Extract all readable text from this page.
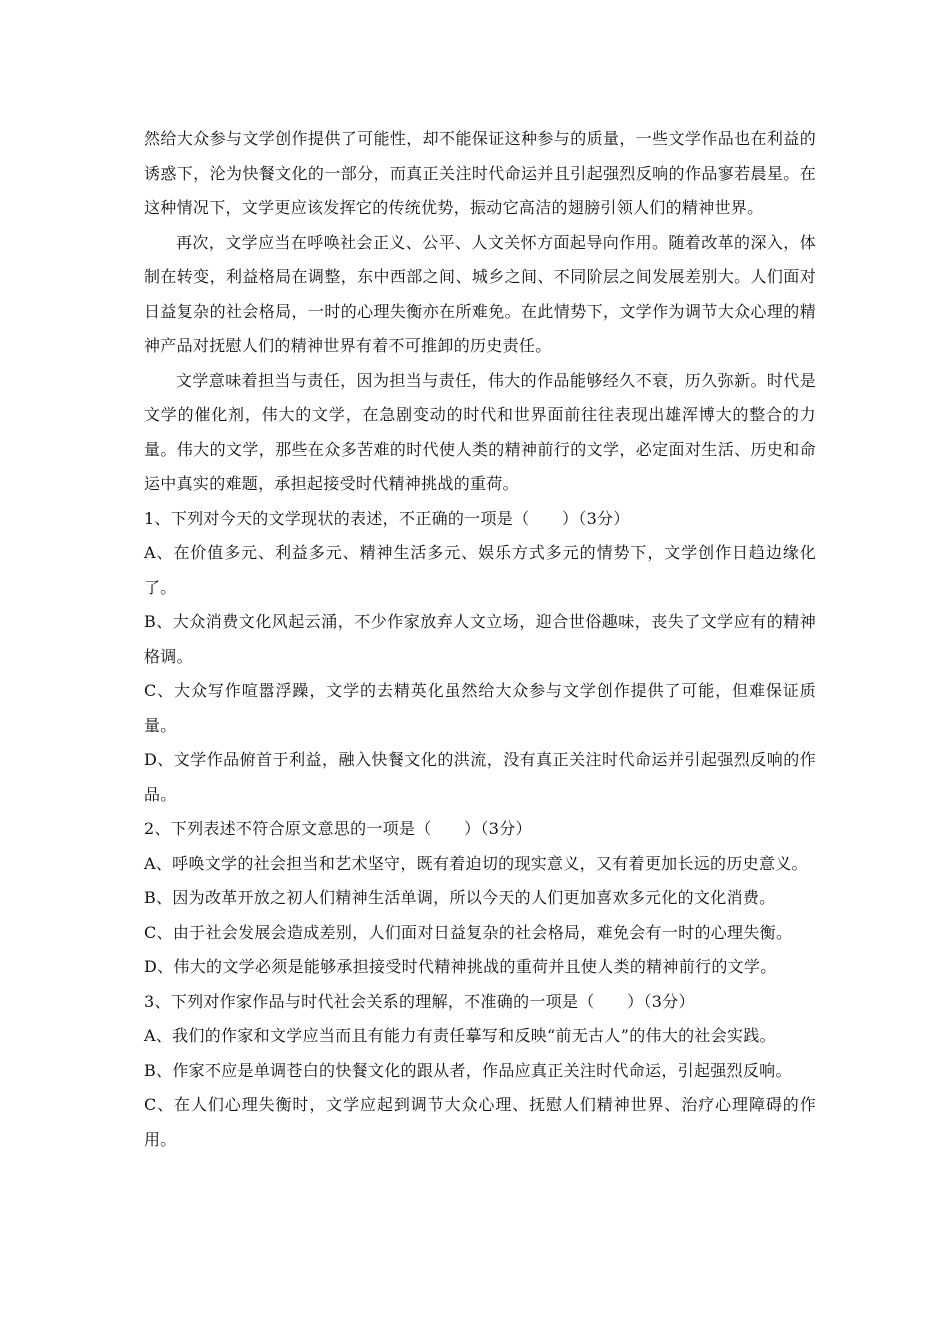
然给大众参与文学创作提供了可能性，却不能保证这种参与的质量，一些文学作品也在利益的诱惑下，沦为快餐文化的一部分，而真正关注时代命运并且引起强烈反响的作品寥若晨星。在这种情况下，文学更应该发挥它的传统优势，振动它高洁的翅膀引领人们的精神世界。

再次，文学应当在呼唤社会正义、公平、人文关怀方面起导向作用。随着改革的深入，体制在转变，利益格局在调整，东中西部之间、城乡之间、不同阶层之间发展差别大。人们面对日益复杂的社会格局，一时的心理失衡亦在所难免。在此情势下，文学作为调节大众心理的精神产品对抚慰人们的精神世界有着不可推卸的历史责任。

文学意味着担当与责任，因为担当与责任，伟大的作品能够经久不衰，历久弥新。时代是文学的催化剂，伟大的文学，在急剧变动的时代和世界面前往往表现出雄浑博大的整合的力量。伟大的文学，那些在众多苦难的时代使人类的精神前行的文学，必定面对生活、历史和命运中真实的难题，承担起接受时代精神挑战的重荷。

1、下列对今天的文学现状的表述，不正确的一项是（　　）（3分）

A、在价值多元、利益多元、精神生活多元、娱乐方式多元的情势下，文学创作日趋边缘化了。

B、大众消费文化风起云涌，不少作家放弃人文立场，迎合世俗趣味，丧失了文学应有的精神格调。

C、大众写作喧嚣浮躁，文学的去精英化虽然给大众参与文学创作提供了可能，但难保证质量。

D、文学作品俯首于利益，融入快餐文化的洪流，没有真正关注时代命运并引起强烈反响的作品。

2、下列表述不符合原文意思的一项是（　　）（3分）

A、呼唤文学的社会担当和艺术坚守，既有着迫切的现实意义，又有着更加长远的历史意义。

B、因为改革开放之初人们精神生活单调，所以今天的人们更加喜欢多元化的文化消费。

C、由于社会发展会造成差别，人们面对日益复杂的社会格局，难免会有一时的心理失衡。

D、伟大的文学必须是能够承担接受时代精神挑战的重荷并且使人类的精神前行的文学。

3、下列对作家作品与时代社会关系的理解，不准确的一项是（　　）（3分）

A、我们的作家和文学应当而且有能力有责任摹写和反映“前无古人”的伟大的社会实践。

B、作家不应是单调苍白的快餐文化的跟从者，作品应真正关注时代命运，引起强烈反响。

C、在人们心理失衡时，文学应起到调节大众心理、抚慰人们精神世界、治疗心理障碍的作用。
